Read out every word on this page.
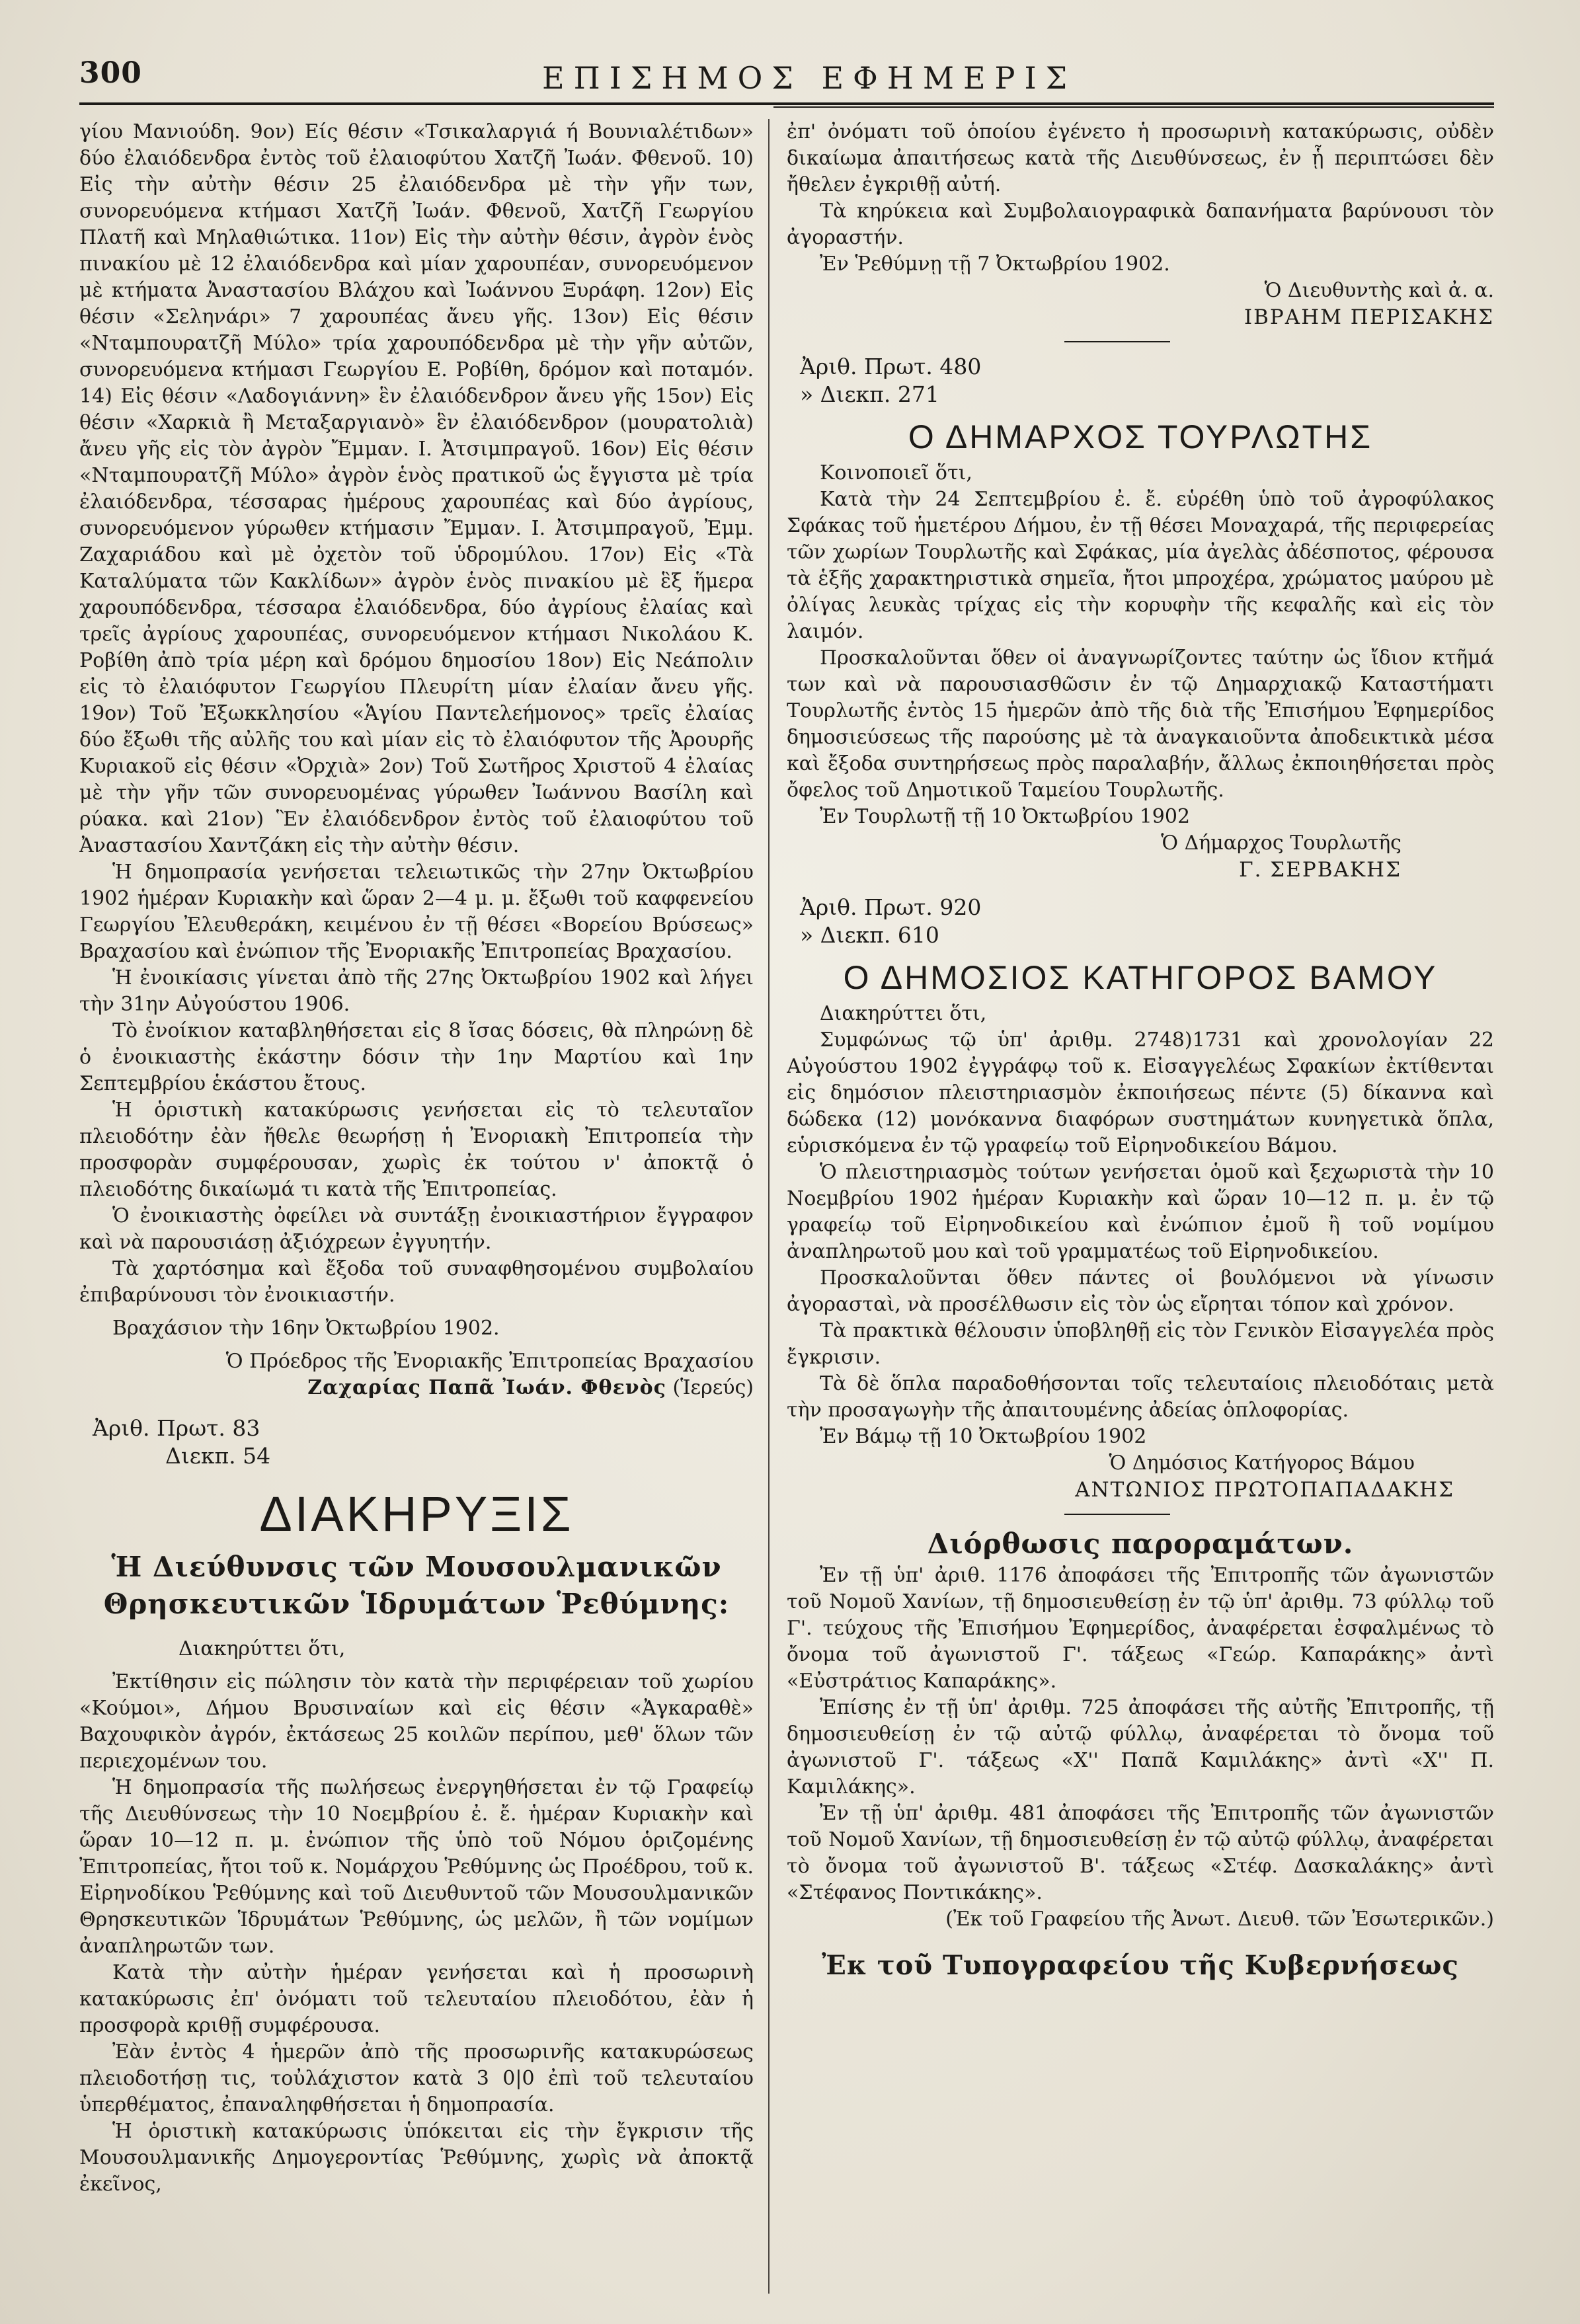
300	ΕΠΙΣΗΜΟΣ ΕΦΗΜΕΡΙΣ

γίου Μανιούδη. 9ον) Είς θέσιν «Τσικαλαργιά ή Βουνιαλέτιδων» δύο ἐλαιόδενδρα ἐντὸς τοῦ ἐλαιοφύτου Χατζῆ Ἰωάν. Φθενοῦ. 10) Εἰς τὴν αὐτὴν θέσιν 25 ἐλαιόδενδρα μὲ τὴν γῆν των, συνορευόμενα κτήμασι Χατζῆ Ἰωάν. Φθενοῦ, Χατζῆ Γεωργίου Πλατῆ καὶ Μηλαθιώτικα. 11ον) Εἰς τὴν αὐτὴν θέσιν, ἀγρὸν ἑνὸς πινακίου μὲ 12 ἐλαιόδενδρα καὶ μίαν χαρουπέαν, συνορευόμενον μὲ κτήματα Ἀναστασίου Βλάχου καὶ Ἰωάννου Ξυράφη. 12ον) Εἰς θέσιν «Σεληνάρι» 7 χαρουπέας ἄνευ γῆς. 13ον) Εἰς θέσιν «Νταμπουρατζῆ Μύλο» τρία χαρουπόδενδρα μὲ τὴν γῆν αὐτῶν, συνορευόμενα κτήμασι Γεωργίου Ε. Ροβίθη, δρόμον καὶ ποταμόν. 14) Εἰς θέσιν «Λαδογιάννη» ἓν ἐλαιόδενδρον ἄνευ γῆς 15ον) Εἰς θέσιν «Χαρκιὰ ἢ Μεταξαργιανὸ» ἓν ἐλαιόδενδρον (μουρατολιὰ) ἄνευ γῆς εἰς τὸν ἀγρὸν Ἔμμαν. Ι. Ἀτσιμπραγοῦ. 16ον) Εἰς θέσιν «Νταμπουρατζῆ Μύλο» ἀγρὸν ἑνὸς πρατικοῦ ὡς ἔγγιστα μὲ τρία ἐλαιόδενδρα, τέσσαρας ἡμέρους χαρουπέας καὶ δύο ἀγρίους, συνορευόμενον γύρωθεν κτήμασιν Ἔμμαν. Ι. Ἀτσιμπραγοῦ, Ἐμμ. Ζαχαριάδου καὶ μὲ ὀχετὸν τοῦ ὑδρομύλου. 17ον) Εἰς «Τὰ Καταλύματα τῶν Κακλίδων» ἀγρὸν ἑνὸς πινακίου μὲ ἓξ ἥμερα χαρουπόδενδρα, τέσσαρα ἐλαιόδενδρα, δύο ἀγρίους ἐλαίας καὶ τρεῖς ἀγρίους χαρουπέας, συνορευόμενον κτήμασι Νικολάου Κ. Ροβίθη ἀπὸ τρία μέρη καὶ δρόμου δημοσίου 18ον) Εἰς Νεάπολιν εἰς τὸ ἐλαιόφυτον Γεωργίου Πλευρίτη μίαν ἐλαίαν ἄνευ γῆς. 19ον) Τοῦ Ἐξωκκλησίου «Ἁγίου Παντελεήμονος» τρεῖς ἐλαίας δύο ἔξωθι τῆς αὐλῆς του καὶ μίαν εἰς τὸ ἐλαιόφυτον τῆς Ἀρουρῆς Κυριακοῦ εἰς θέσιν «Ὀρχιὰ» 2ον) Τοῦ Σωτῆρος Χριστοῦ 4 ἐλαίας μὲ τὴν γῆν τῶν συνορευομένας γύρωθεν Ἰωάννου Βασίλη καὶ ρύακα. καὶ 21ον) Ἓν ἐλαιόδενδρον ἐντὸς τοῦ ἐλαιοφύτου τοῦ Ἀναστασίου Χαντζάκη εἰς τὴν αὐτὴν θέσιν.

Ἡ δημοπρασία γενήσεται τελειωτικῶς τὴν 27ην Ὀκτωβρίου 1902 ἡμέραν Κυριακὴν καὶ ὥραν 2—4 μ. μ. ἔξωθι τοῦ καφφενείου Γεωργίου Ἐλευθεράκη, κειμένου ἐν τῇ θέσει «Βορείου Βρύσεως» Βραχασίου καὶ ἐνώπιον τῆς Ἐνοριακῆς Ἐπιτροπείας Βραχασίου.

Ἡ ἐνοικίασις γίνεται ἀπὸ τῆς 27ης Ὀκτωβρίου 1902 καὶ λήγει τὴν 31ην Αὐγούστου 1906.

Τὸ ἐνοίκιον καταβληθήσεται εἰς 8 ἴσας δόσεις, θὰ πληρώνῃ δὲ ὁ ἐνοικιαστὴς ἑκάστην δόσιν τὴν 1ην Μαρτίου καὶ 1ην Σεπτεμβρίου ἑκάστου ἔτους.

Ἡ ὁριστικὴ κατακύρωσις γενήσεται εἰς τὸ τελευταῖον πλειοδότην ἐὰν ἤθελε θεωρήσῃ ἡ Ἐνοριακὴ Ἐπιτροπεία τὴν προσφορὰν συμφέρουσαν, χωρὶς ἐκ τούτου ν' ἀποκτᾷ ὁ πλειοδότης δικαίωμά τι κατὰ τῆς Ἐπιτροπείας.

Ὁ ἐνοικιαστὴς ὀφείλει νὰ συντάξῃ ἐνοικιαστήριον ἔγγραφον καὶ νὰ παρουσιάσῃ ἀξιόχρεων ἐγγυητήν.

Τὰ χαρτόσημα καὶ ἔξοδα τοῦ συναφθησομένου συμβολαίου ἐπιβαρύνουσι τὸν ἐνοικιαστήν.

Βραχάσιον τὴν 16ην Ὀκτωβρίου 1902.

Ὁ Πρόεδρος τῆς Ἐνοριακῆς Ἐπιτροπείας Βραχασίου

Ζαχαρίας Παπᾶ Ἰωάν. Φθενὸς (Ἱερεύς)

Ἀριθ. Πρωτ. 83
Διεκπ. 54
ΔΙΑΚΗΡΥΞΙΣ

Ἡ Διεύθυνσις τῶν Μουσουλμανικῶν Θρησκευτικῶν Ἱδρυμάτων Ῥεθύμνης:

Διακηρύττει ὅτι,

Ἐκτίθησιν εἰς πώλησιν τὸν κατὰ τὴν περιφέρειαν τοῦ χωρίου «Κούμοι», Δήμου Βρυσιναίων καὶ εἰς θέσιν «Ἀγκαραθὲ» Βαχουφικὸν ἀγρόν, ἐκτάσεως 25 κοιλῶν περίπου, μεθ' ὅλων τῶν περιεχομένων του.

Ἡ δημοπρασία τῆς πωλήσεως ἐνεργηθήσεται ἐν τῷ Γραφείῳ τῆς Διευθύνσεως τὴν 10 Νοεμβρίου ἐ. ἔ. ἡμέραν Κυριακὴν καὶ ὥραν 10—12 π. μ. ἐνώπιον τῆς ὑπὸ τοῦ Νόμου ὁριζομένης Ἐπιτροπείας, ἤτοι τοῦ κ. Νομάρχου Ῥεθύμνης ὡς Προέδρου, τοῦ κ. Εἰρηνοδίκου Ῥεθύμνης καὶ τοῦ Διευθυντοῦ τῶν Μουσουλμανικῶν Θρησκευτικῶν Ἱδρυμάτων Ῥεθύμνης, ὡς μελῶν, ἢ τῶν νομίμων ἀναπληρωτῶν των.

Κατὰ τὴν αὐτὴν ἡμέραν γενήσεται καὶ ἡ προσωρινὴ κατακύρωσις ἐπ' ὀνόματι τοῦ τελευταίου πλειοδότου, ἐὰν ἡ προσφορὰ κριθῇ συμφέρουσα.

Ἐὰν ἐντὸς 4 ἡμερῶν ἀπὸ τῆς προσωρινῆς κατακυρώσεως πλειοδοτήσῃ τις, τοὐλάχιστον κατὰ 3 0|0 ἐπὶ τοῦ τελευταίου ὑπερθέματος, ἐπαναληφθήσεται ἡ δημοπρασία.

Ἡ ὁριστικὴ κατακύρωσις ὑπόκειται εἰς τὴν ἔγκρισιν τῆς Μουσουλμανικῆς Δημογεροντίας Ῥεθύμνης, χωρὶς νὰ ἀποκτᾷ ἐκεῖνος,

ἐπ' ὀνόματι τοῦ ὁποίου ἐγένετο ἡ προσωρινὴ κατακύρωσις, οὐδὲν δικαίωμα ἀπαιτήσεως κατὰ τῆς Διευθύνσεως, ἐν ᾗ περιπτώσει δὲν ἤθελεν ἐγκριθῇ αὐτή.

Τὰ κηρύκεια καὶ Συμβολαιογραφικὰ δαπανήματα βαρύνουσι τὸν ἀγοραστήν.

Ἐν Ῥεθύμνῃ τῇ 7 Ὀκτωβρίου 1902.

Ὁ Διευθυντὴς καὶ ἀ. α.

ΙΒΡΑΗΜ ΠΕΡΙΣΑΚΗΣ

Ἀριθ. Πρωτ. 480
» Διεκπ. 271
Ο ΔΗΜΑΡΧΟΣ ΤΟΥΡΛΩΤΗΣ

Κοινοποιεῖ ὅτι,

Κατὰ τὴν 24 Σεπτεμβρίου ἐ. ἔ. εὑρέθη ὑπὸ τοῦ ἀγροφύλακος Σφάκας τοῦ ἡμετέρου Δήμου, ἐν τῇ θέσει Μοναχαρά, τῆς περιφερείας τῶν χωρίων Τουρλωτῆς καὶ Σφάκας, μία ἀγελὰς ἀδέσποτος, φέρουσα τὰ ἑξῆς χαρακτηριστικὰ σημεῖα, ἤτοι μπροχέρα, χρώματος μαύρου μὲ ὀλίγας λευκὰς τρίχας εἰς τὴν κορυφὴν τῆς κεφαλῆς καὶ εἰς τὸν λαιμόν.

Προσκαλοῦνται ὅθεν οἱ ἀναγνωρίζοντες ταύτην ὡς ἴδιον κτῆμά των καὶ νὰ παρουσιασθῶσιν ἐν τῷ Δημαρχιακῷ Καταστήματι Τουρλωτῆς ἐντὸς 15 ἡμερῶν ἀπὸ τῆς διὰ τῆς Ἐπισήμου Ἐφημερίδος δημοσιεύσεως τῆς παρούσης μὲ τὰ ἀναγκαιοῦντα ἀποδεικτικὰ μέσα καὶ ἔξοδα συντηρήσεως πρὸς παραλαβήν, ἄλλως ἐκποιηθήσεται πρὸς ὄφελος τοῦ Δημοτικοῦ Ταμείου Τουρλωτῆς.

Ἐν Τουρλωτῇ τῇ 10 Ὀκτωβρίου 1902

Ὁ Δήμαρχος Τουρλωτῆς

Γ. ΣΕΡΒΑΚΗΣ

Ἀριθ. Πρωτ. 920
» Διεκπ. 610
Ο ΔΗΜΟΣΙΟΣ ΚΑΤΗΓΟΡΟΣ ΒΑΜΟΥ

Διακηρύττει ὅτι,

Συμφώνως τῷ ὑπ' ἀριθμ. 2748)1731 καὶ χρονολογίαν 22 Αὐγούστου 1902 ἐγγράφῳ τοῦ κ. Εἰσαγγελέως Σφακίων ἐκτίθενται εἰς δημόσιον πλειστηριασμὸν ἐκποιήσεως πέντε (5) δίκαννα καὶ δώδεκα (12) μονόκαννα διαφόρων συστημάτων κυνηγετικὰ ὅπλα, εὑρισκόμενα ἐν τῷ γραφείῳ τοῦ Εἰρηνοδικείου Βάμου.

Ὁ πλειστηριασμὸς τούτων γενήσεται ὁμοῦ καὶ ξεχωριστὰ τὴν 10 Νοεμβρίου 1902 ἡμέραν Κυριακὴν καὶ ὥραν 10—12 π. μ. ἐν τῷ γραφείῳ τοῦ Εἰρηνοδικείου καὶ ἐνώπιον ἐμοῦ ἢ τοῦ νομίμου ἀναπληρωτοῦ μου καὶ τοῦ γραμματέως τοῦ Εἰρηνοδικείου.

Προσκαλοῦνται ὅθεν πάντες οἱ βουλόμενοι νὰ γίνωσιν ἀγορασταὶ, νὰ προσέλθωσιν εἰς τὸν ὡς εἴρηται τόπον καὶ χρόνον.

Τὰ πρακτικὰ θέλουσιν ὑποβληθῇ εἰς τὸν Γενικὸν Εἰσαγγελέα πρὸς ἔγκρισιν.

Τὰ δὲ ὅπλα παραδοθήσονται τοῖς τελευταίοις πλειοδόταις μετὰ τὴν προσαγωγὴν τῆς ἀπαιτουμένης ἀδείας ὁπλοφορίας.

Ἐν Βάμῳ τῇ 10 Ὀκτωβρίου 1902

Ὁ Δημόσιος Κατήγορος Βάμου

ΑΝΤΩΝΙΟΣ ΠΡΩΤΟΠΑΠΑΔΑΚΗΣ

Διόρθωσις παροραμάτων.

Ἐν τῇ ὑπ' ἀριθ. 1176 ἀποφάσει τῆς Ἐπιτροπῆς τῶν ἀγωνιστῶν τοῦ Νομοῦ Χανίων, τῇ δημοσιευθείσῃ ἐν τῷ ὑπ' ἀριθμ. 73 φύλλῳ τοῦ Γ'. τεύχους τῆς Ἐπισήμου Ἐφημερίδος, ἀναφέρεται ἐσφαλμένως τὸ ὄνομα τοῦ ἀγωνιστοῦ Γ'. τάξεως «Γεώρ. Καπαράκης» ἀντὶ «Εὐστράτιος Καπαράκης».

Ἐπίσης ἐν τῇ ὑπ' ἀριθμ. 725 ἀποφάσει τῆς αὐτῆς Ἐπιτροπῆς, τῇ δημοσιευθείσῃ ἐν τῷ αὐτῷ φύλλῳ, ἀναφέρεται τὸ ὄνομα τοῦ ἀγωνιστοῦ Γ'. τάξεως «Χ'' Παπᾶ Καμιλάκης» ἀντὶ «Χ'' Π. Καμιλάκης».

Ἐν τῇ ὑπ' ἀριθμ. 481 ἀποφάσει τῆς Ἐπιτροπῆς τῶν ἀγωνιστῶν τοῦ Νομοῦ Χανίων, τῇ δημοσιευθείσῃ ἐν τῷ αὐτῷ φύλλῳ, ἀναφέρεται τὸ ὄνομα τοῦ ἀγωνιστοῦ Β'. τάξεως «Στέφ. Δασκαλάκης» ἀντὶ «Στέφανος Ποντικάκης».

(Ἐκ τοῦ Γραφείου τῆς Ἀνωτ. Διευθ. τῶν Ἐσωτερικῶν.)

Ἐκ τοῦ Τυπογραφείου τῆς Κυβερνήσεως
